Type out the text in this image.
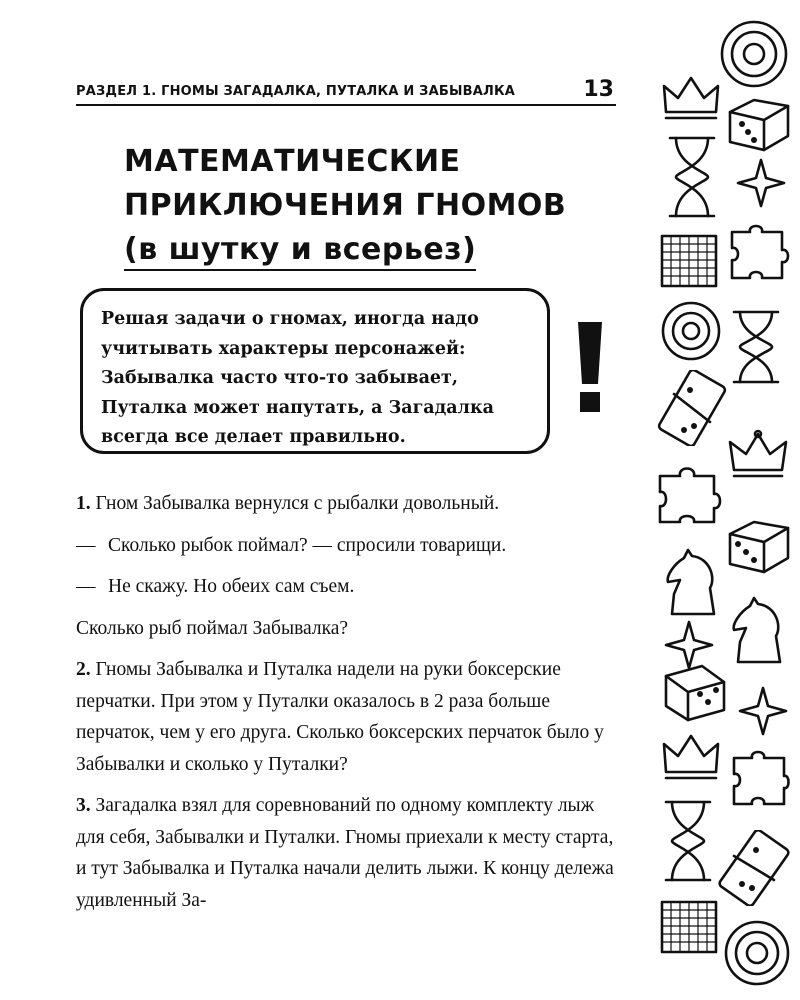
РАЗДЕЛ 1. ГНОМЫ ЗАГАДАЛКА, ПУТАЛКА И ЗАБЫВАЛКА	13
МАТЕМАТИЧЕСКИЕ
ПРИКЛЮЧЕНИЯ ГНОМОВ
(в шутку и всерьез)

Решая задачи о гномах, иногда надо учитывать характеры персонажей: Забывалка часто что-то забывает, Путалка может напутать, а Загадалка всегда все делает правильно.

1. Гном Забывалка вернулся с рыбалки довольный.

— Сколько рыбок поймал? — спросили товарищи.

— Не скажу. Но обеих сам съем.

Сколько рыб поймал Забывалка?

2. Гномы Забывалка и Путалка надели на руки боксерские перчатки. При этом у Путалки оказалось в 2 раза больше перчаток, чем у его друга. Сколько боксерских перчаток было у Забывалки и сколько у Путалки?

3. Загадалка взял для соревнований по одному комплекту лыж для себя, Забывалки и Путалки. Гномы приехали к месту старта, и тут Забывалка и Путалка начали делить лыжи. К концу дележа удивленный За-
